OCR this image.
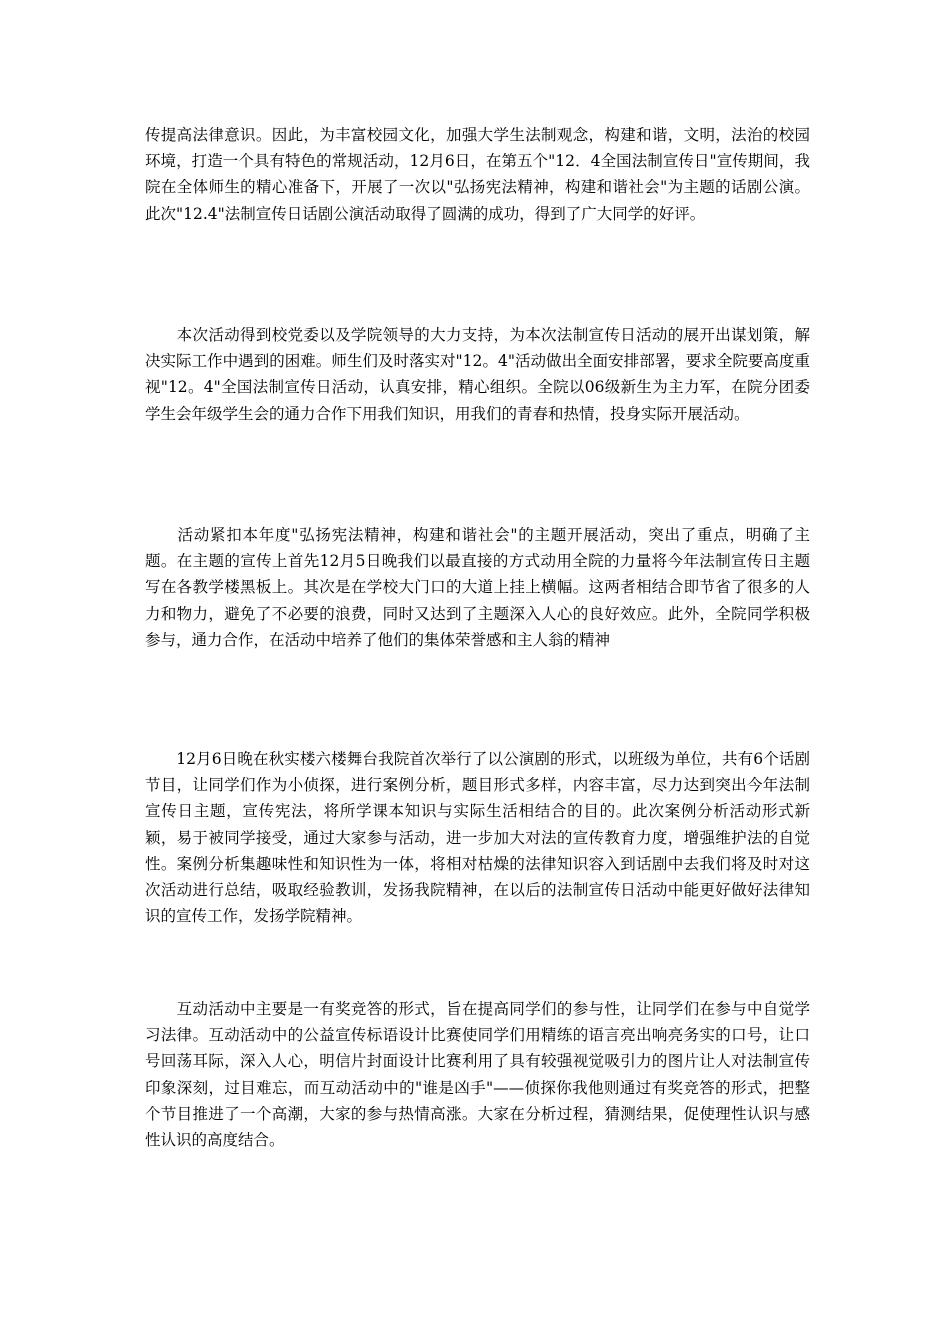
传提高法律意识。因此，为丰富校园文化，加强大学生法制观念，构建和谐，文明，法治的校园环境，打造一个具有特色的常规活动，12月6日，在第五个"12．4全国法制宣传日"宣传期间，我院在全体师生的精心准备下，开展了一次以"弘扬宪法精神，构建和谐社会"为主题的话剧公演。此次"12.4"法制宣传日话剧公演活动取得了圆满的成功，得到了广大同学的好评。

　　本次活动得到校党委以及学院领导的大力支持，为本次法制宣传日活动的展开出谋划策，解决实际工作中遇到的困难。师生们及时落实对"12。4"活动做出全面安排部署，要求全院要高度重视"12。4"全国法制宣传日活动，认真安排，精心组织。全院以06级新生为主力军，在院分团委学生会年级学生会的通力合作下用我们知识，用我们的青春和热情，投身实际开展活动。

　　活动紧扣本年度"弘扬宪法精神，构建和谐社会"的主题开展活动，突出了重点，明确了主题。在主题的宣传上首先12月5日晚我们以最直接的方式动用全院的力量将今年法制宣传日主题写在各教学楼黑板上。其次是在学校大门口的大道上挂上横幅。这两者相结合即节省了很多的人力和物力，避免了不必要的浪费，同时又达到了主题深入人心的良好效应。此外，全院同学积极参与，通力合作，在活动中培养了他们的集体荣誉感和主人翁的精神

　　12月6日晚在秋实楼六楼舞台我院首次举行了以公演剧的形式，以班级为单位，共有6个话剧节目，让同学们作为小侦探，进行案例分析，题目形式多样，内容丰富，尽力达到突出今年法制宣传日主题，宣传宪法，将所学课本知识与实际生活相结合的目的。此次案例分析活动形式新颖，易于被同学接受，通过大家参与活动，进一步加大对法的宣传教育力度，增强维护法的自觉性。案例分析集趣味性和知识性为一体，将相对枯燥的法律知识容入到话剧中去我们将及时对这次活动进行总结，吸取经验教训，发扬我院精神，在以后的法制宣传日活动中能更好做好法律知识的宣传工作，发扬学院精神。

　　互动活动中主要是一有奖竞答的形式，旨在提高同学们的参与性，让同学们在参与中自觉学习法律。互动活动中的公益宣传标语设计比赛使同学们用精练的语言亮出响亮务实的口号，让口号回荡耳际，深入人心，明信片封面设计比赛利用了具有较强视觉吸引力的图片让人对法制宣传印象深刻，过目难忘，而互动活动中的"谁是凶手"——侦探你我他则通过有奖竞答的形式，把整个节目推进了一个高潮，大家的参与热情高涨。大家在分析过程，猜测结果，促使理性认识与感性认识的高度结合。
